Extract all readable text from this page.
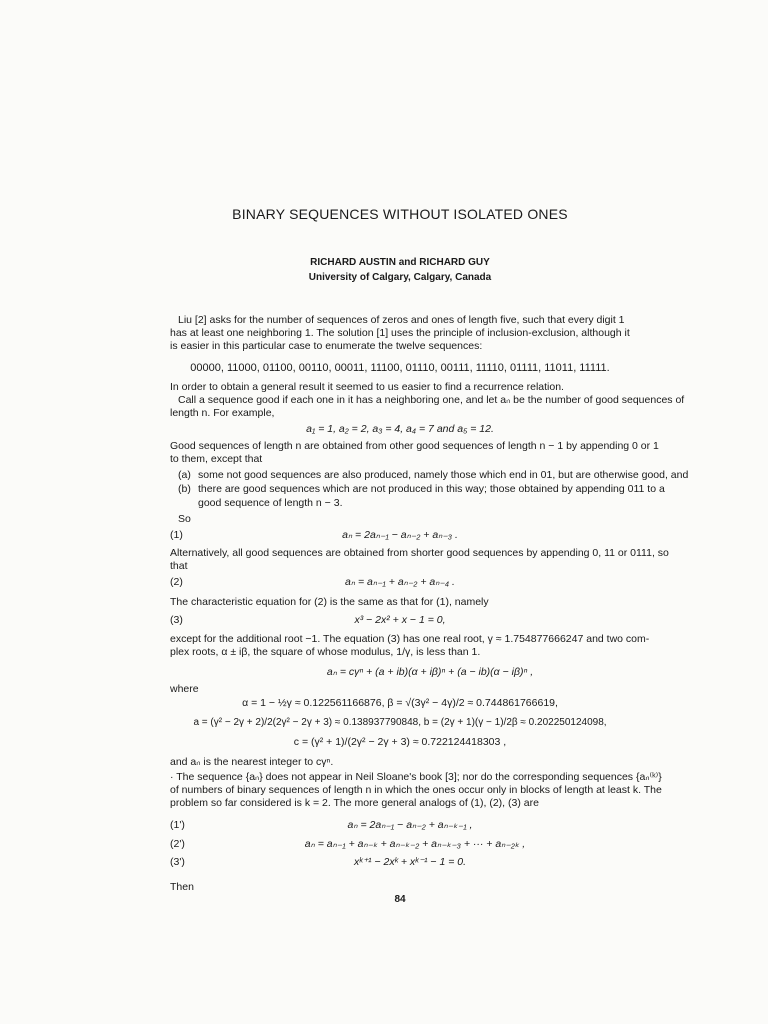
BINARY SEQUENCES WITHOUT ISOLATED ONES
RICHARD AUSTIN and RICHARD GUY
University of Calgary, Calgary, Canada
Liu [2] asks for the number of sequences of zeros and ones of length five, such that every digit 1 has at least one neighboring 1. The solution [1] uses the principle of inclusion-exclusion, although it is easier in this particular case to enumerate the twelve sequences:
00000, 11000, 01100, 00110, 00011, 11100, 01110, 00111, 11110, 01111, 11011, 11111.
In order to obtain a general result it seemed to us easier to find a recurrence relation.
Call a sequence good if each one in it has a neighboring one, and let aₙ be the number of good sequences of
length n. For example,
a₁ = 1, a₂ = 2, a₃ = 4, a₄ = 7 and a₅ = 12.
Good sequences of length n are obtained from other good sequences of length n − 1 by appending 0 or 1
to them, except that
(a) some not good sequences are also produced, namely those which end in 01, but are otherwise good, and
(b) there are good sequences which are not produced in this way; those obtained by appending 011 to a
good sequence of length n − 3.
So
(1)	aₙ = 2aₙ₋₁ − aₙ₋₂ + aₙ₋₃ .
Alternatively, all good sequences are obtained from shorter good sequences by appending 0, 11 or 0111, so
that
(2)	aₙ = aₙ₋₁ + aₙ₋₂ + aₙ₋₄ .
The characteristic equation for (2) is the same as that for (1), namely
(3)	x³ − 2x² + x − 1 = 0,
except for the additional root −1. The equation (3) has one real root, γ ≈ 1.754877666247 and two com-
plex roots, α ± iβ, the square of whose modulus, 1/γ, is less than 1.
aₙ = cγⁿ + (a + ib)(α + iβ)ⁿ + (a − ib)(α − iβ)ⁿ ,
where
α = 1 − ½γ ≈ 0.122561166876, β = √(3γ² − 4γ)/2 ≈ 0.744861766619,
a = (γ² − 2γ + 2)/2(2γ² − 2γ + 3) ≈ 0.138937790848, b = (2γ + 1)(γ − 1)/2β ≈ 0.202250124098,
c = (γ² + 1)/(2γ² − 2γ + 3) ≈ 0.722124418303 ,
and aₙ is the nearest integer to cγⁿ.
· The sequence {aₙ} does not appear in Neil Sloane's book [3]; nor do the corresponding sequences {aₙ⁽ᵏ⁾}
of numbers of binary sequences of length n in which the ones occur only in blocks of length at least k. The
problem so far considered is k = 2. The more general analogs of (1), (2), (3) are
(1')	aₙ = 2aₙ₋₁ − aₙ₋₂ + aₙ₋ₖ₋₁ ,
(2')	aₙ = aₙ₋₁ + aₙ₋ₖ + aₙ₋ₖ₋₂ + aₙ₋ₖ₋₃ + ··· + aₙ₋₂ₖ ,
(3')	xᵏ⁺¹ − 2xᵏ + xᵏ⁻¹ − 1 = 0.
Then
84
